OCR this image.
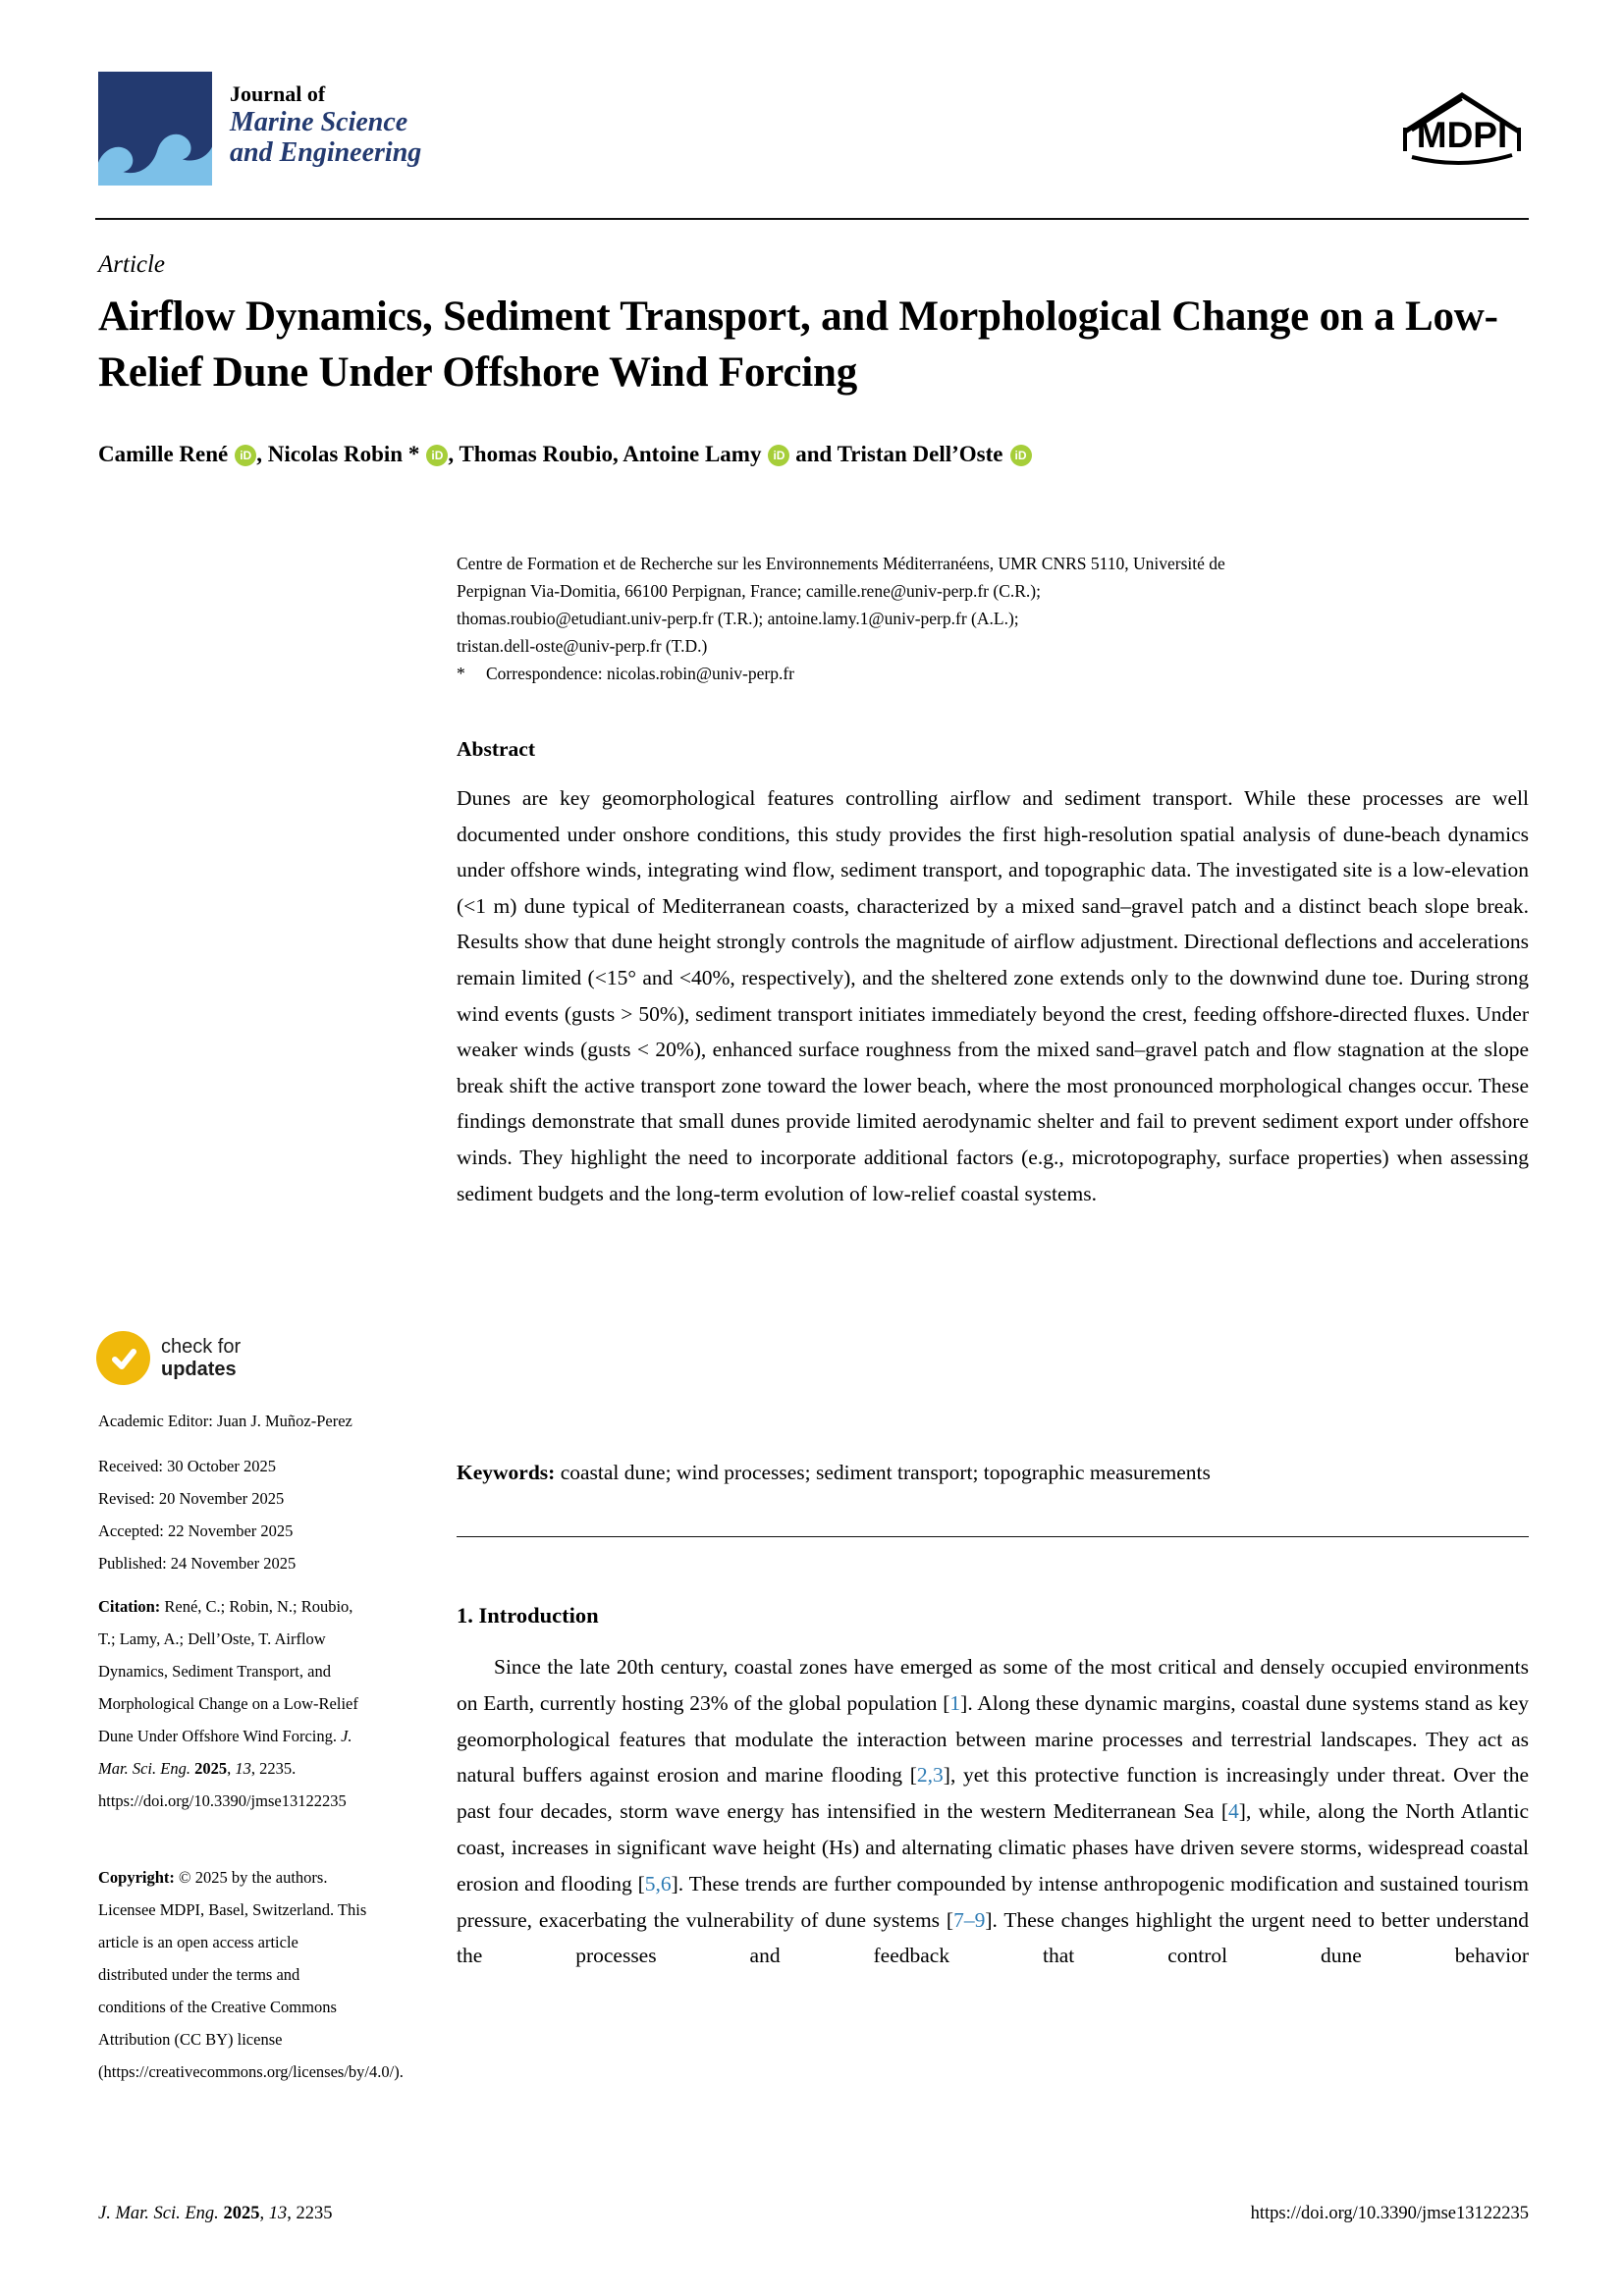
Journal of
Marine Science
and Engineering	MDPI
Article
Airflow Dynamics, Sediment Transport, and Morphological Change on a Low-Relief Dune Under Offshore Wind Forcing
Camille René iD , Nicolas Robin * iD , Thomas Roubio, Antoine Lamy iD and Tristan Dell’Oste iD
Centre de Formation et de Recherche sur les Environnements Méditerranéens, UMR CNRS 5110, Université de
Perpignan Via-Domitia, 66100 Perpignan, France; camille.rene@univ-perp.fr (C.R.);
thomas.roubio@etudiant.univ-perp.fr (T.R.); antoine.lamy.1@univ-perp.fr (A.L.);
tristan.dell-oste@univ-perp.fr (T.D.)
*	Correspondence: nicolas.robin@univ-perp.fr
Abstract
Dunes are key geomorphological features controlling airflow and sediment transport. While these processes are well documented under onshore conditions, this study provides the first high-resolution spatial analysis of dune-beach dynamics under offshore winds, integrating wind flow, sediment transport, and topographic data. The investigated site is a low-elevation (<1 m) dune typical of Mediterranean coasts, characterized by a mixed sand–gravel patch and a distinct beach slope break. Results show that dune height strongly controls the magnitude of airflow adjustment. Directional deflections and accelerations remain limited (<15° and <40%, respectively), and the sheltered zone extends only to the downwind dune toe. During strong wind events (gusts > 50%), sediment transport initiates immediately beyond the crest, feeding offshore-directed fluxes. Under weaker winds (gusts < 20%), enhanced surface roughness from the mixed sand–gravel patch and flow stagnation at the slope break shift the active transport zone toward the lower beach, where the most pronounced morphological changes occur. These findings demonstrate that small dunes provide limited aerodynamic shelter and fail to prevent sediment export under offshore winds. They highlight the need to incorporate additional factors (e.g., microtopography, surface properties) when assessing sediment budgets and the long-term evolution of low-relief coastal systems.
Keywords: coastal dune; wind processes; sediment transport; topographic measurements
1. Introduction
Since the late 20th century, coastal zones have emerged as some of the most critical and densely occupied environments on Earth, currently hosting 23% of the global population [1]. Along these dynamic margins, coastal dune systems stand as key geomorphological features that modulate the interaction between marine processes and terrestrial landscapes. They act as natural buffers against erosion and marine flooding [2,3], yet this protective function is increasingly under threat. Over the past four decades, storm wave energy has intensified in the western Mediterranean Sea [4], while, along the North Atlantic coast, increases in significant wave height (Hs) and alternating climatic phases have driven severe storms, widespread coastal erosion and flooding [5,6]. These trends are further compounded by intense anthropogenic modification and sustained tourism pressure, exacerbating the vulnerability of dune systems [7–9]. These changes highlight the urgent need to better understand the processes and feedback that control dune behavior
check for
updates
Academic Editor: Juan J. Muñoz-Perez
Received: 30 October 2025
Revised: 20 November 2025
Accepted: 22 November 2025
Published: 24 November 2025
Citation: René, C.; Robin, N.; Roubio, T.; Lamy, A.; Dell’Oste, T. Airflow Dynamics, Sediment Transport, and Morphological Change on a Low-Relief Dune Under Offshore Wind Forcing. J. Mar. Sci. Eng. 2025, 13, 2235. https://doi.org/10.3390/jmse13122235
Copyright: © 2025 by the authors. Licensee MDPI, Basel, Switzerland. This article is an open access article distributed under the terms and conditions of the Creative Commons Attribution (CC BY) license (https://creativecommons.org/licenses/by/4.0/).
J. Mar. Sci. Eng. 2025, 13, 2235	https://doi.org/10.3390/jmse13122235
